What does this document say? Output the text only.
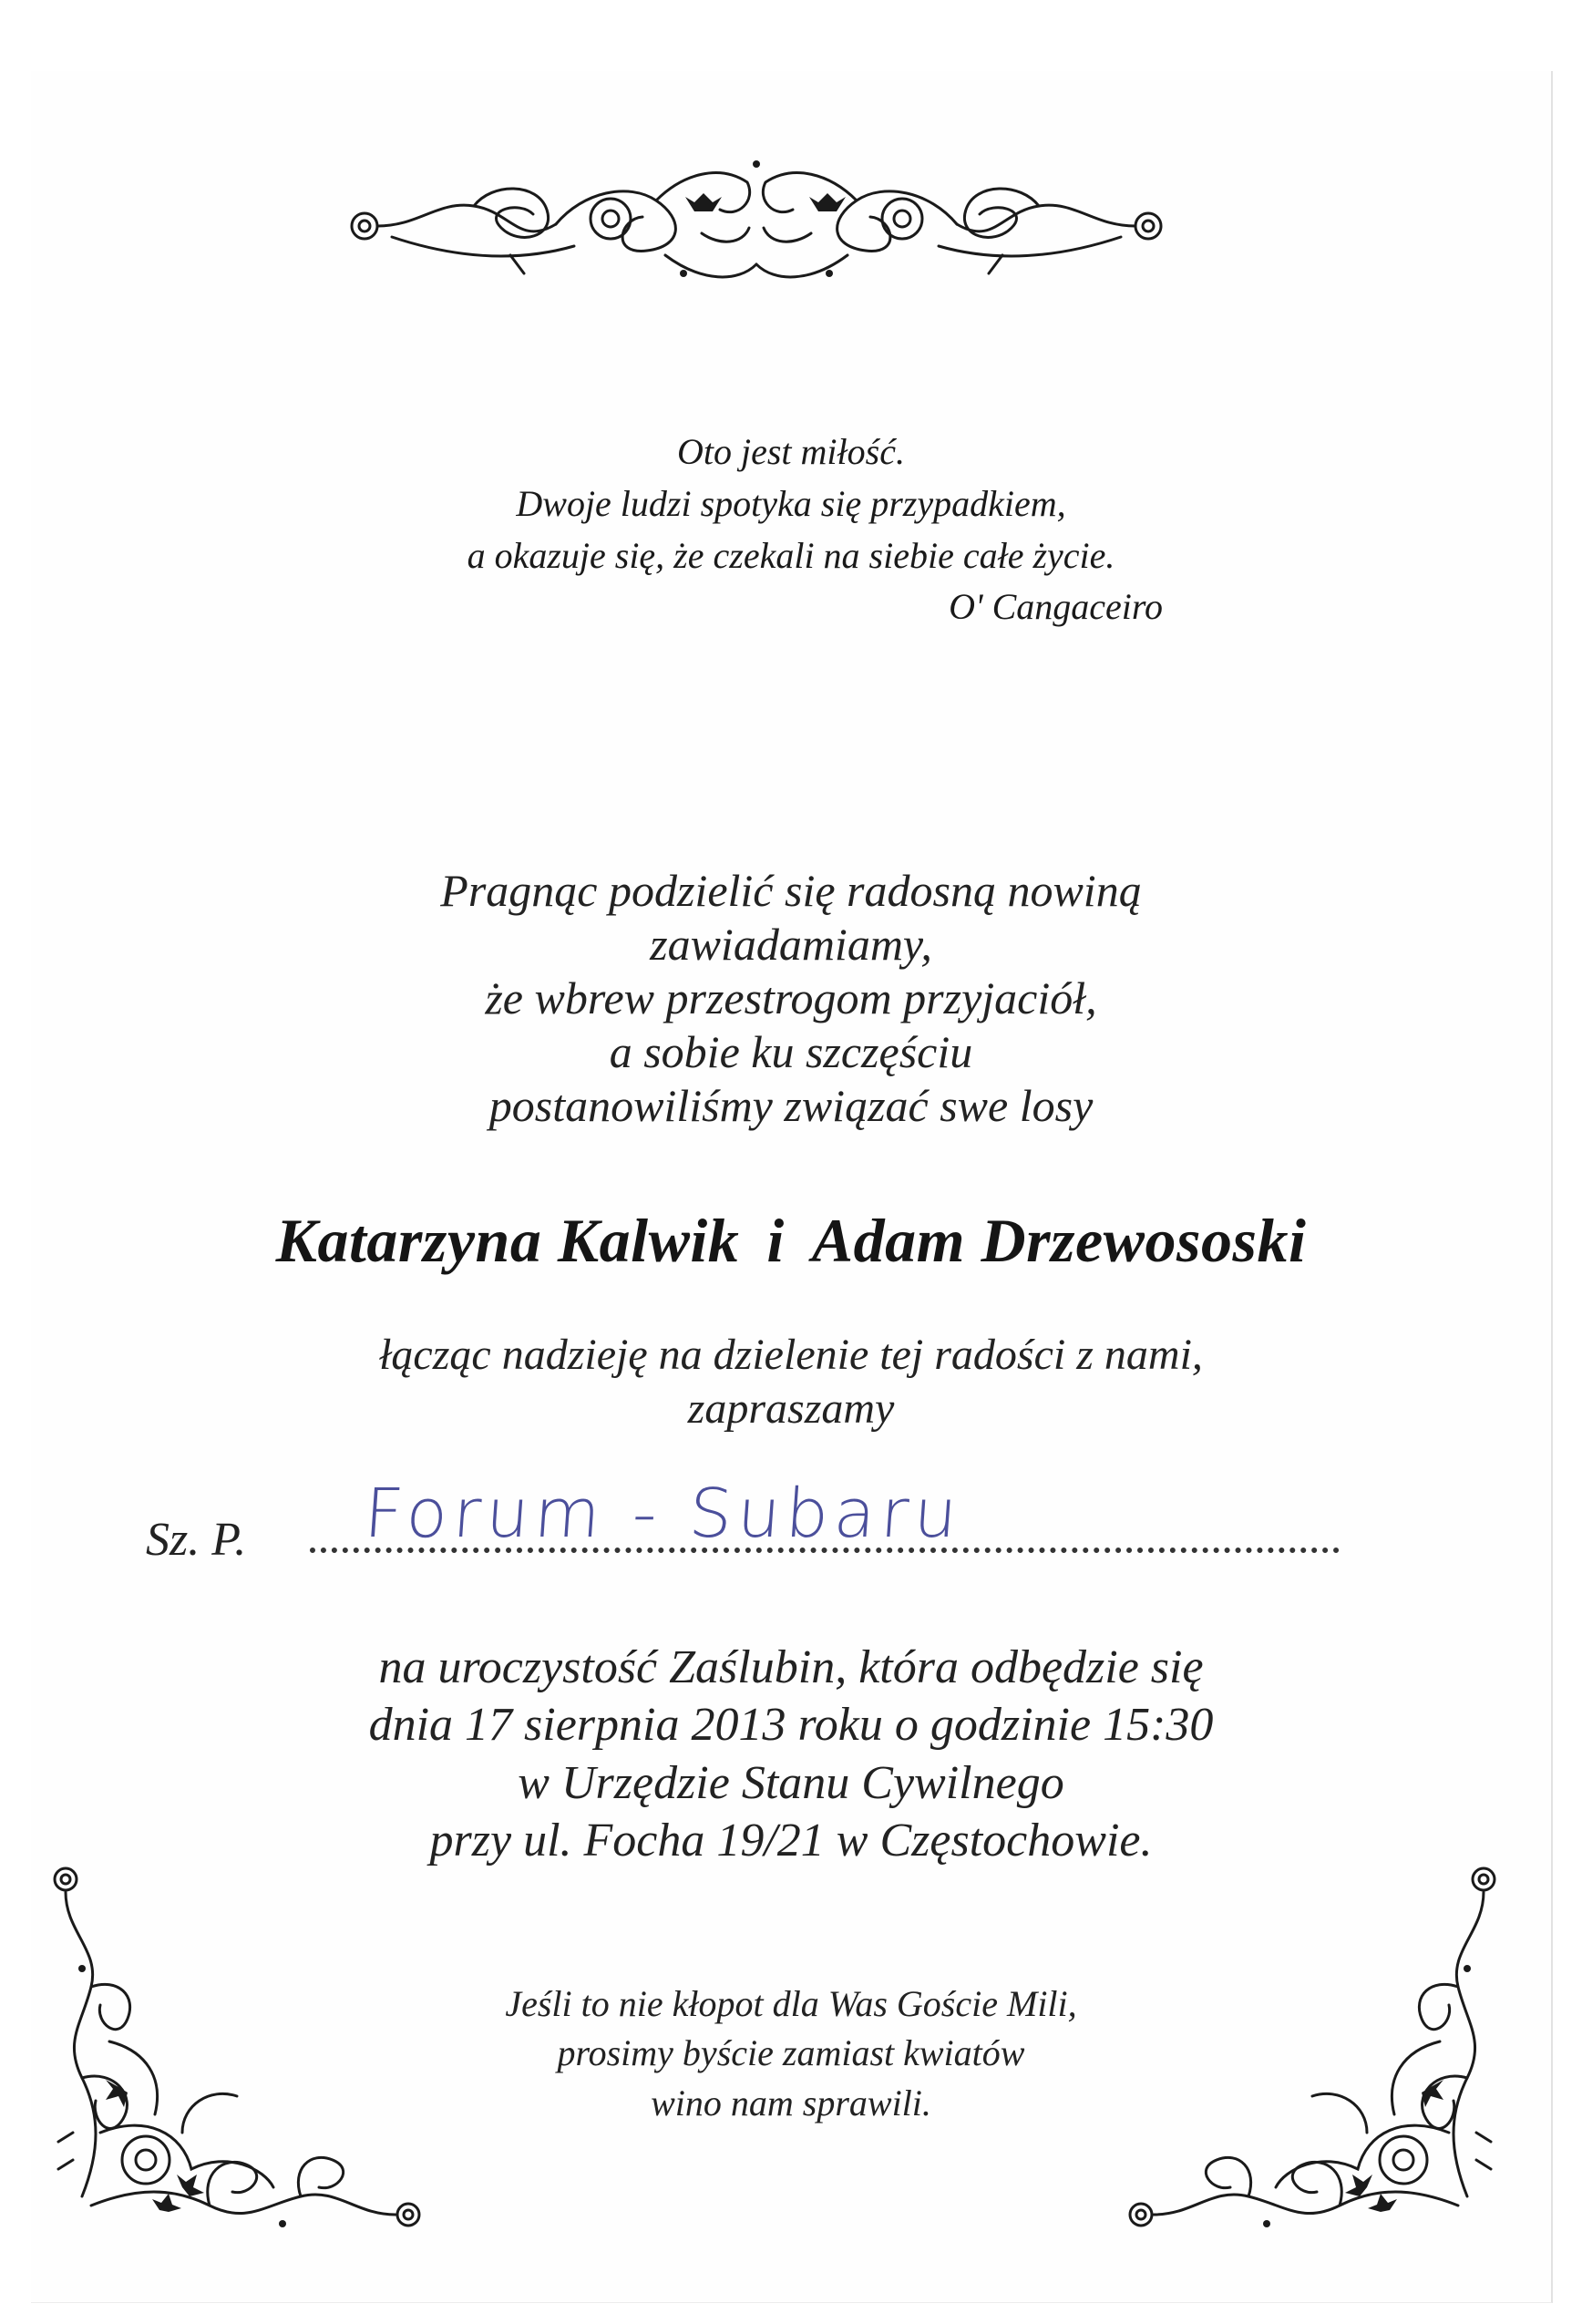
Oto jest miłość.
Dwoje ludzi spotyka się przypadkiem,
a okazuje się, że czekali na siebie całe życie.
O' Cangaceiro
Pragnąc podzielić się radosną nowiną
zawiadamiamy,
że wbrew przestrogom przyjaciół,
a sobie ku szczęściu
postanowiliśmy związać swe losy
Katarzyna Kalwik i Adam Drzewososki
łącząc nadzieję na dzielenie tej radości z nami,
zapraszamy
Sz. P. Forum - Subaru
na uroczystość Zaślubin, która odbędzie się
dnia 17 sierpnia 2013 roku o godzinie 15:30
w Urzędzie Stanu Cywilnego
przy ul. Focha 19/21 w Częstochowie.
Jeśli to nie kłopot dla Was Goście Mili,
prosimy byście zamiast kwiatów
wino nam sprawili.
